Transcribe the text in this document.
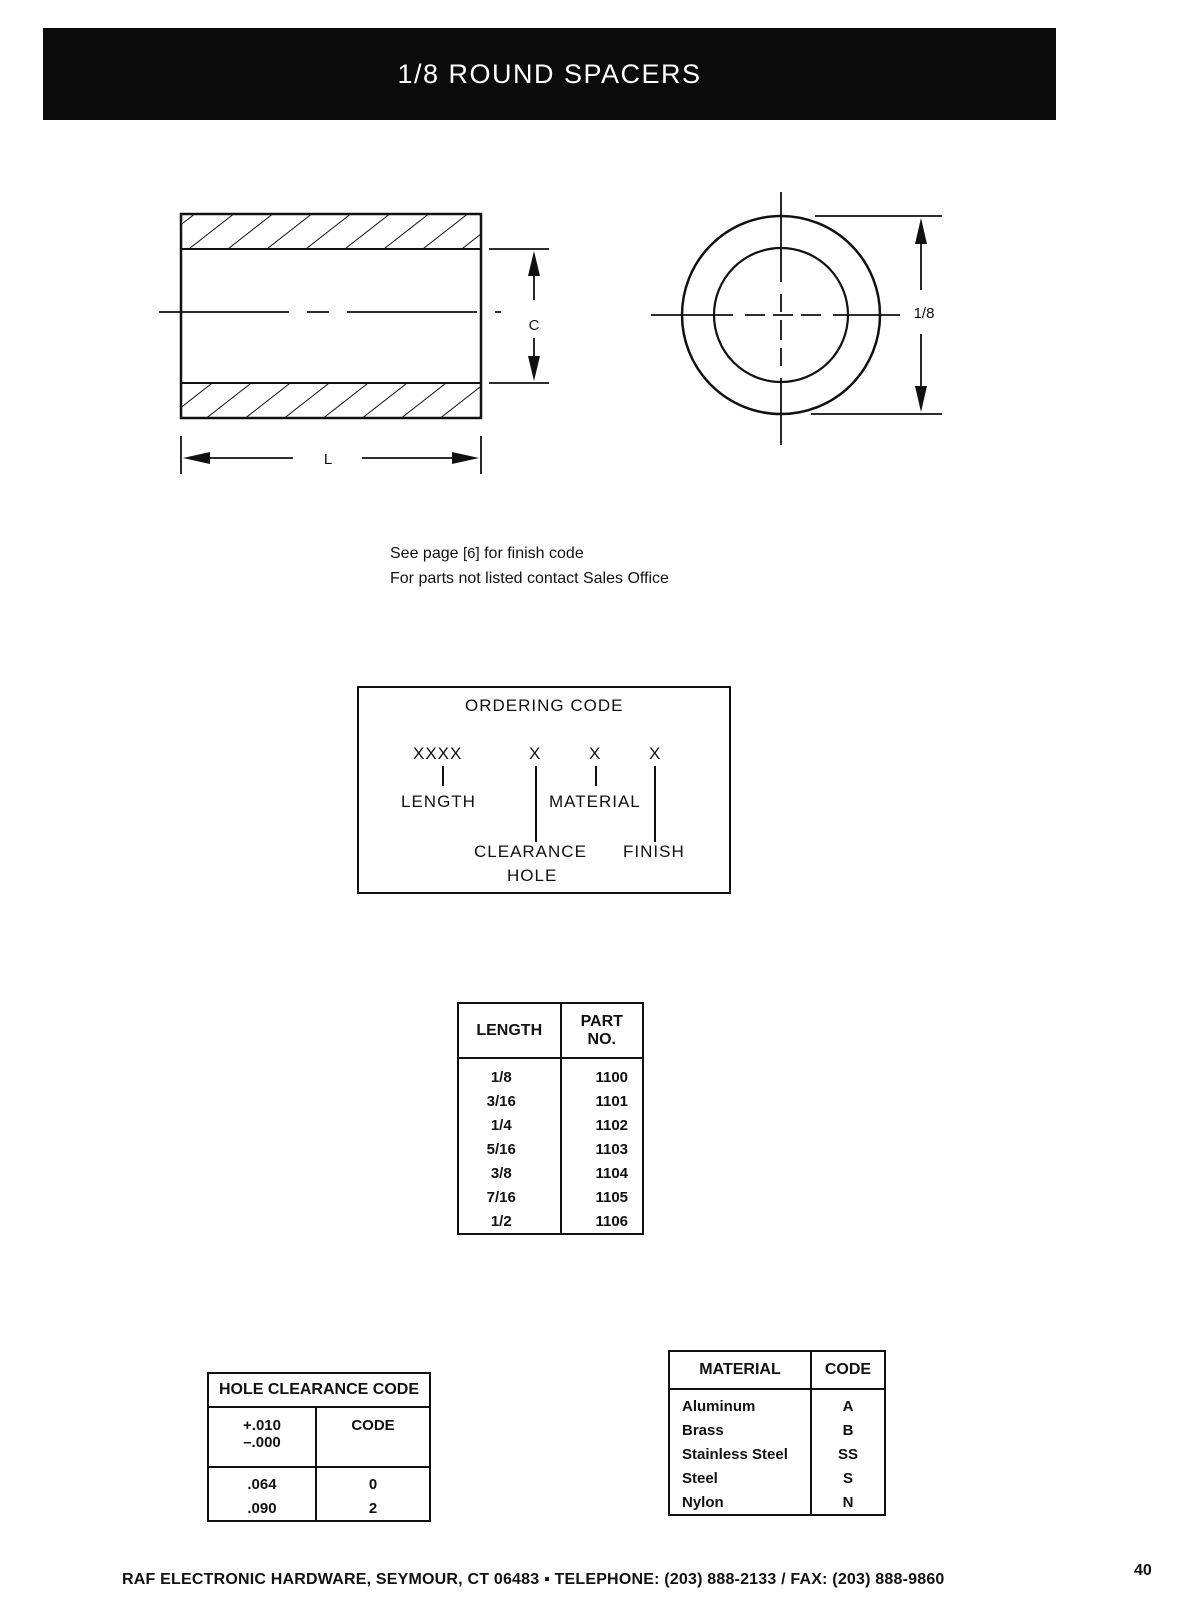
1/8 ROUND SPACERS
C
L
1/8
See page [6] for finish code
For parts not listed contact Sales Office
ORDERING CODE
XXXX	X	X	X
LENGTH	MATERIAL
CLEARANCE
HOLE
FINISH
LENGTH	PART
NO.

1/8	1100
3/16	1101
1/4	1102
5/16	1103
3/8	1104
7/16	1105
1/2	1106
HOLE CLEARANCE CODE	

+.010
–.000	CODE
.064	0
.090	2
MATERIAL	CODE
Aluminum	A
Brass	B
Stainless Steel	SS
Steel	S
Nylon	N
RAF ELECTRONIC HARDWARE, SEYMOUR, CT 06483 ▪ TELEPHONE: (203) 888-2133 / FAX: (203) 888-9860
40
